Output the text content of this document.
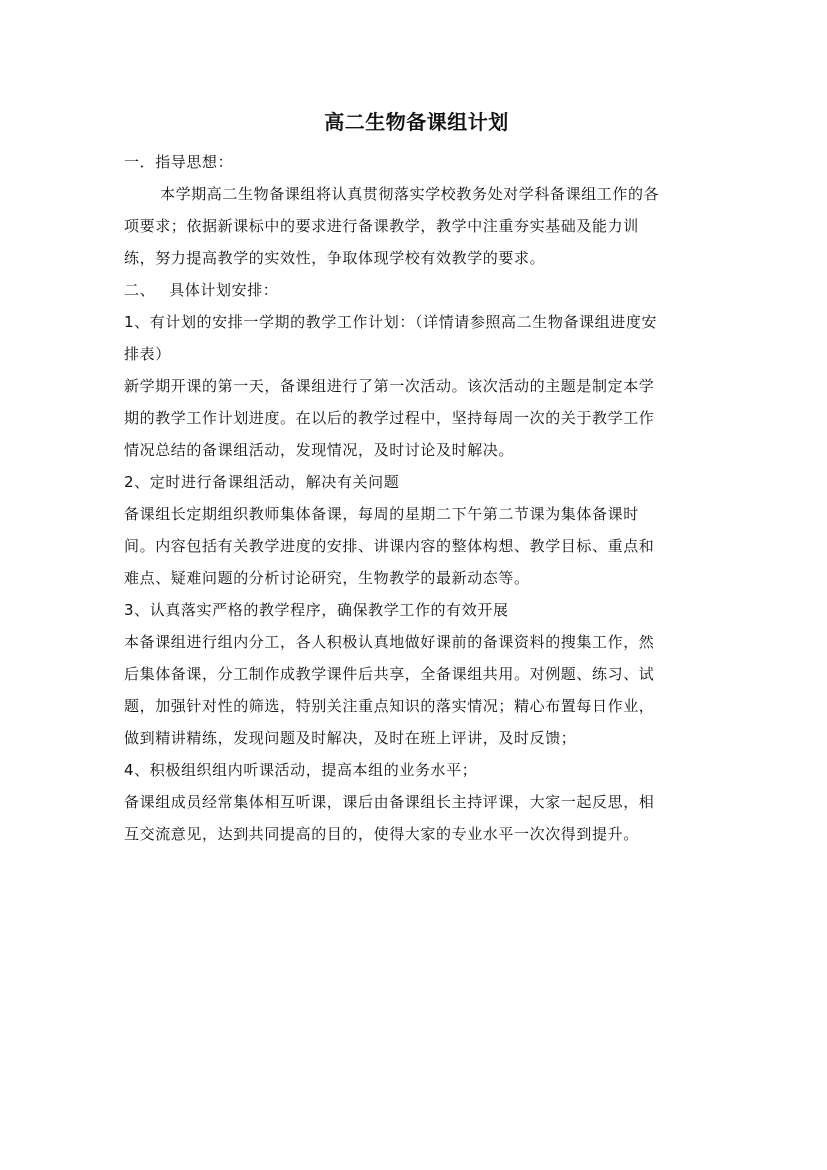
高二生物备课组计划

一．指导思想：

本学期高二生物备课组将认真贯彻落实学校教务处对学科备课组工作的各

项要求；依据新课标中的要求进行备课教学，教学中注重夯实基础及能力训

练，努力提高教学的实效性，争取体现学校有效教学的要求。

二、 具体计划安排：

1、有计划的安排一学期的教学工作计划：（详情请参照高二生物备课组进度安

排表）

新学期开课的第一天，备课组进行了第一次活动。该次活动的主题是制定本学

期的教学工作计划进度。在以后的教学过程中，坚持每周一次的关于教学工作

情况总结的备课组活动，发现情况，及时讨论及时解决。

2、定时进行备课组活动，解决有关问题

备课组长定期组织教师集体备课，每周的星期二下午第二节课为集体备课时

间。内容包括有关教学进度的安排、讲课内容的整体构想、教学目标、重点和

难点、疑难问题的分析讨论研究，生物教学的最新动态等。

3、认真落实严格的教学程序，确保教学工作的有效开展

本备课组进行组内分工，各人积极认真地做好课前的备课资料的搜集工作，然

后集体备课，分工制作成教学课件后共享，全备课组共用。对例题、练习、试

题，加强针对性的筛选，特别关注重点知识的落实情况；精心布置每日作业，

做到精讲精练，发现问题及时解决，及时在班上评讲，及时反馈；

4、积极组织组内听课活动，提高本组的业务水平；

备课组成员经常集体相互听课，课后由备课组长主持评课，大家一起反思，相

互交流意见，达到共同提高的目的，使得大家的专业水平一次次得到提升。
